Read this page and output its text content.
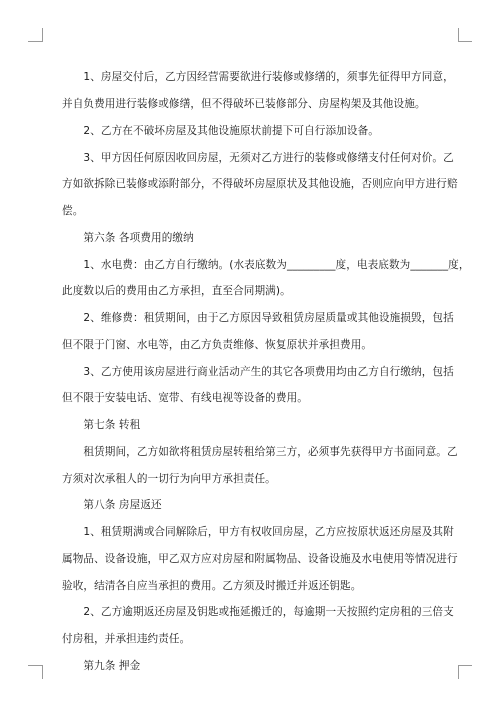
　　1、房屋交付后，乙方因经营需要欲进行装修或修缮的，须事先征得甲方同意，
并自负费用进行装修或修缮，但不得破坏已装修部分、房屋构架及其他设施。
　　2、乙方在不破坏房屋及其他设施原状前提下可自行添加设备。
　　3、甲方因任何原因收回房屋，无须对乙方进行的装修或修缮支付任何对价。乙
方如欲拆除已装修或添附部分，不得破坏房屋原状及其他设施，否则应向甲方进行赔
偿。
　　第六条 各项费用的缴纳
　　1、水电费：由乙方自行缴纳。(水表底数为_________度，电表底数为_______度，
此度数以后的费用由乙方承担，直至合同期满)。
　　2、维修费：租赁期间，由于乙方原因导致租赁房屋质量或其他设施损毁，包括
但不限于门窗、水电等，由乙方负责维修、恢复原状并承担费用。
　　3、乙方使用该房屋进行商业活动产生的其它各项费用均由乙方自行缴纳，包括
但不限于安装电话、宽带、有线电视等设备的费用。
　　第七条 转租
　　租赁期间，乙方如欲将租赁房屋转租给第三方，必须事先获得甲方书面同意。乙
方须对次承租人的一切行为向甲方承担责任。
　　第八条 房屋返还
　　1、租赁期满或合同解除后，甲方有权收回房屋，乙方应按原状返还房屋及其附
属物品、设备设施，甲乙双方应对房屋和附属物品、设备设施及水电使用等情况进行
验收，结清各自应当承担的费用。乙方须及时搬迁并返还钥匙。
　　2、乙方逾期返还房屋及钥匙或拖延搬迁的，每逾期一天按照约定房租的三倍支
付房租，并承担违约责任。
　　第九条 押金
